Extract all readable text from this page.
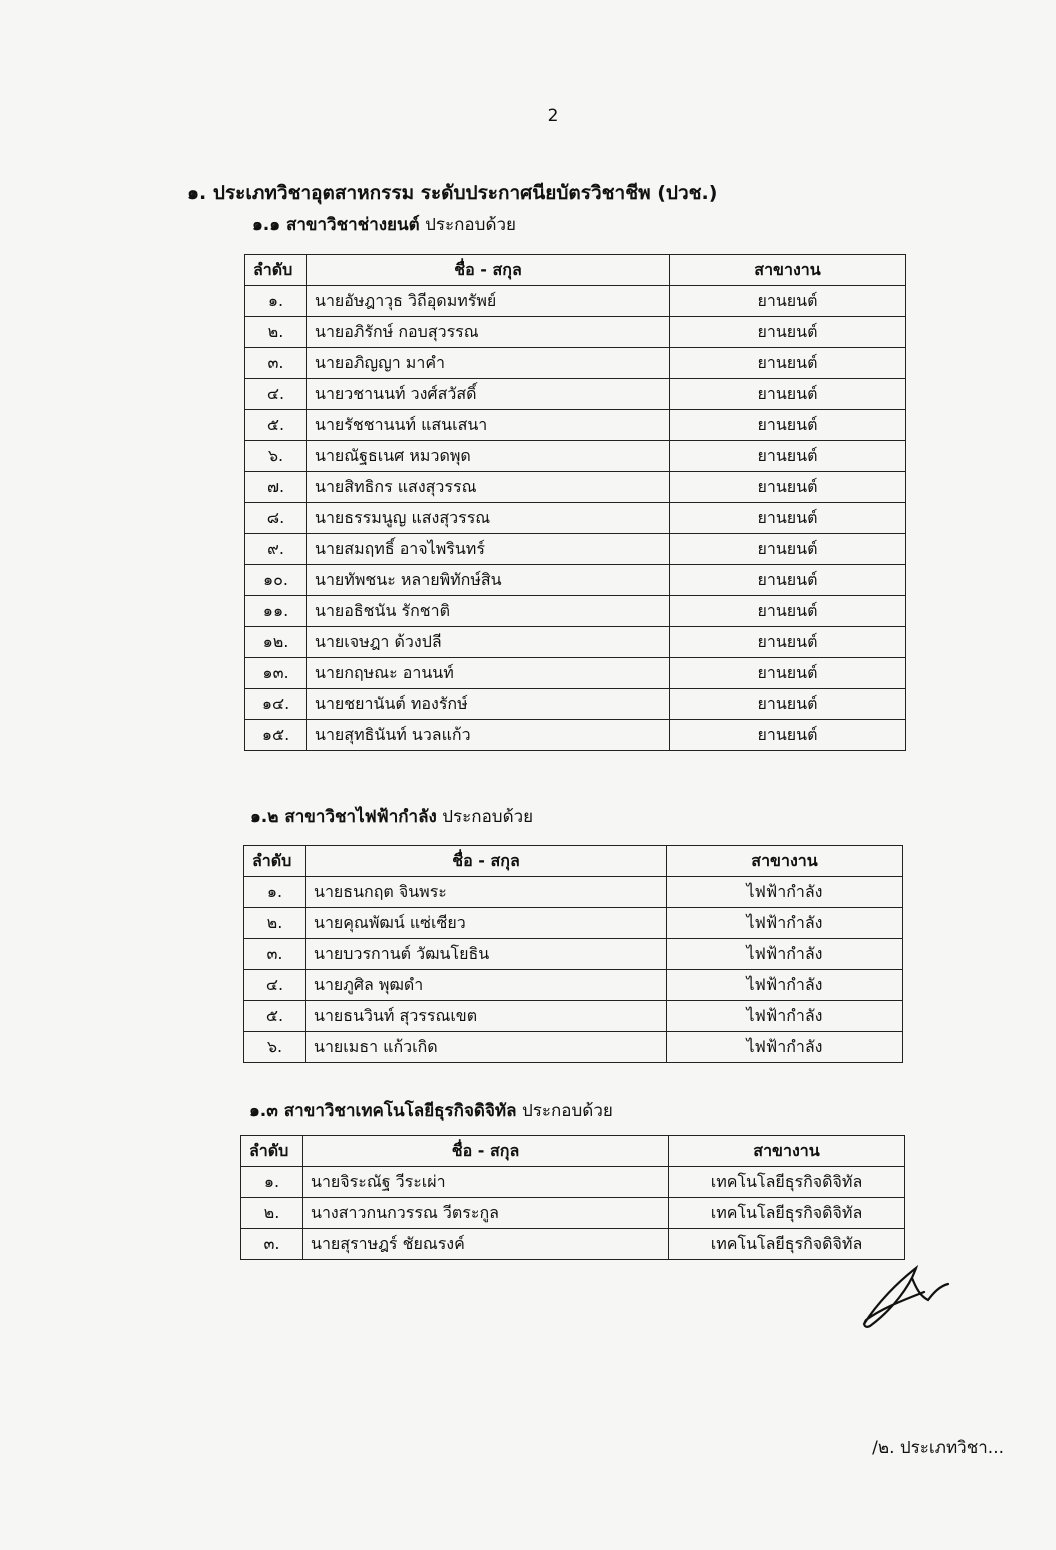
2
๑. ประเภทวิชาอุตสาหกรรม ระดับประกาศนียบัตรวิชาชีพ (ปวช.)
๑.๑ สาขาวิชาช่างยนต์ ประกอบด้วย
ลำดับ	ชื่อ - สกุล	สาขางาน
๑.	นายอัษฎาวุธ วิถีอุดมทรัพย์	ยานยนต์
๒.	นายอภิรักษ์ กอบสุวรรณ	ยานยนต์
๓.	นายอภิญญา มาคำ	ยานยนต์
๔.	นายวชานนท์ วงศ์สวัสดิ์	ยานยนต์
๕.	นายรัชชานนท์ แสนเสนา	ยานยนต์
๖.	นายณัฐธเนศ หมวดพุด	ยานยนต์
๗.	นายสิทธิกร แสงสุวรรณ	ยานยนต์
๘.	นายธรรมนูญ แสงสุวรรณ	ยานยนต์
๙.	นายสมฤทธิ์ อาจไพรินทร์	ยานยนต์
๑๐.	นายทัพชนะ หลายพิทักษ์สิน	ยานยนต์
๑๑.	นายอธิชนัน รักชาติ	ยานยนต์
๑๒.	นายเจษฎา ด้วงปลี	ยานยนต์
๑๓.	นายกฤษณะ อานนท์	ยานยนต์
๑๔.	นายชยานันต์ ทองรักษ์	ยานยนต์
๑๕.	นายสุทธินันท์ นวลแก้ว	ยานยนต์
๑.๒ สาขาวิชาไฟฟ้ากำลัง ประกอบด้วย
ลำดับ	ชื่อ - สกุล	สาขางาน
๑.	นายธนกฤต จินพระ	ไฟฟ้ากำลัง
๒.	นายคุณพัฒน์ แซ่เซียว	ไฟฟ้ากำลัง
๓.	นายบวรกานต์ วัฒนโยธิน	ไฟฟ้ากำลัง
๔.	นายภูศิล พุฒดำ	ไฟฟ้ากำลัง
๕.	นายธนวินท์ สุวรรณเขต	ไฟฟ้ากำลัง
๖.	นายเมธา แก้วเกิด	ไฟฟ้ากำลัง
๑.๓ สาขาวิชาเทคโนโลยีธุรกิจดิจิทัล ประกอบด้วย
ลำดับ	ชื่อ - สกุล	สาขางาน
๑.	นายจิระณัฐ วีระเผ่า	เทคโนโลยีธุรกิจดิจิทัล
๒.	นางสาวกนกวรรณ วีตระกูล	เทคโนโลยีธุรกิจดิจิทัล
๓.	นายสุราษฎร์ ชัยณรงค์	เทคโนโลยีธุรกิจดิจิทัล
/๒. ประเภทวิชา...
